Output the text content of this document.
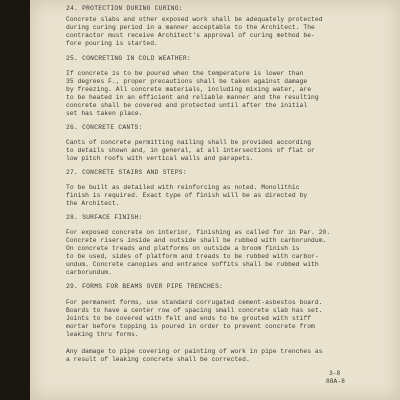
24. PROTECTION DURING CURING:
Concrete slabs and other exposed work shall be adequately protected
during curing period in a manner acceptable to the Architect. The
contractor must receive Architect's approval of curing method be-
fore pouring is started.
25. CONCRETING IN COLD WEATHER:
If concrete is to be poured when the temperature is lower than
35 degrees F., proper precautions shall be taken against damage
by freezing. All concrete materials, including mixing water, are
to be heated in an efficient and reliable manner and the resulting
concrete shall be covered and protected until after the initial
set has taken place.
26. CONCRETE CANTS:
Cants of concrete permitting nailing shall be provided according
to details shown and, in general, at all intersections of flat or
low pitch roofs with vertical walls and parapets.
27. CONCRETE STAIRS AND STEPS:
To be built as detailed with reinforcing as noted. Monolithic
finish is required. Exact type of finish will be as directed by
the Architect.
28. SURFACE FINISH:
For exposed concrete on interior, finishing as called for in Par. 20.
Concrete risers inside and outside shall be rubbed with carborundum.
On concrete treads and platforms on outside a broom finish is
to be used, sides of platform and treads to be rubbed with carbor-
undum. Concrete canopies and entrance soffits shall be rubbed with
carborundum.
29. FORMS FOR BEAMS OVER PIPE TRENCHES:
For permanent forms, use standard corrugated cement-asbestos board.
Boards to have a center row of spacing small concrete slab has set.
Joints to be covered with felt and ends to be grouted with stiff
mortar before topping is poured in order to prevent concrete from
leaking thru forms.

Any damage to pipe covering or painting of work in pipe trenches as
a result of leaking concrete shall be corrected.
3-8
88A-8
